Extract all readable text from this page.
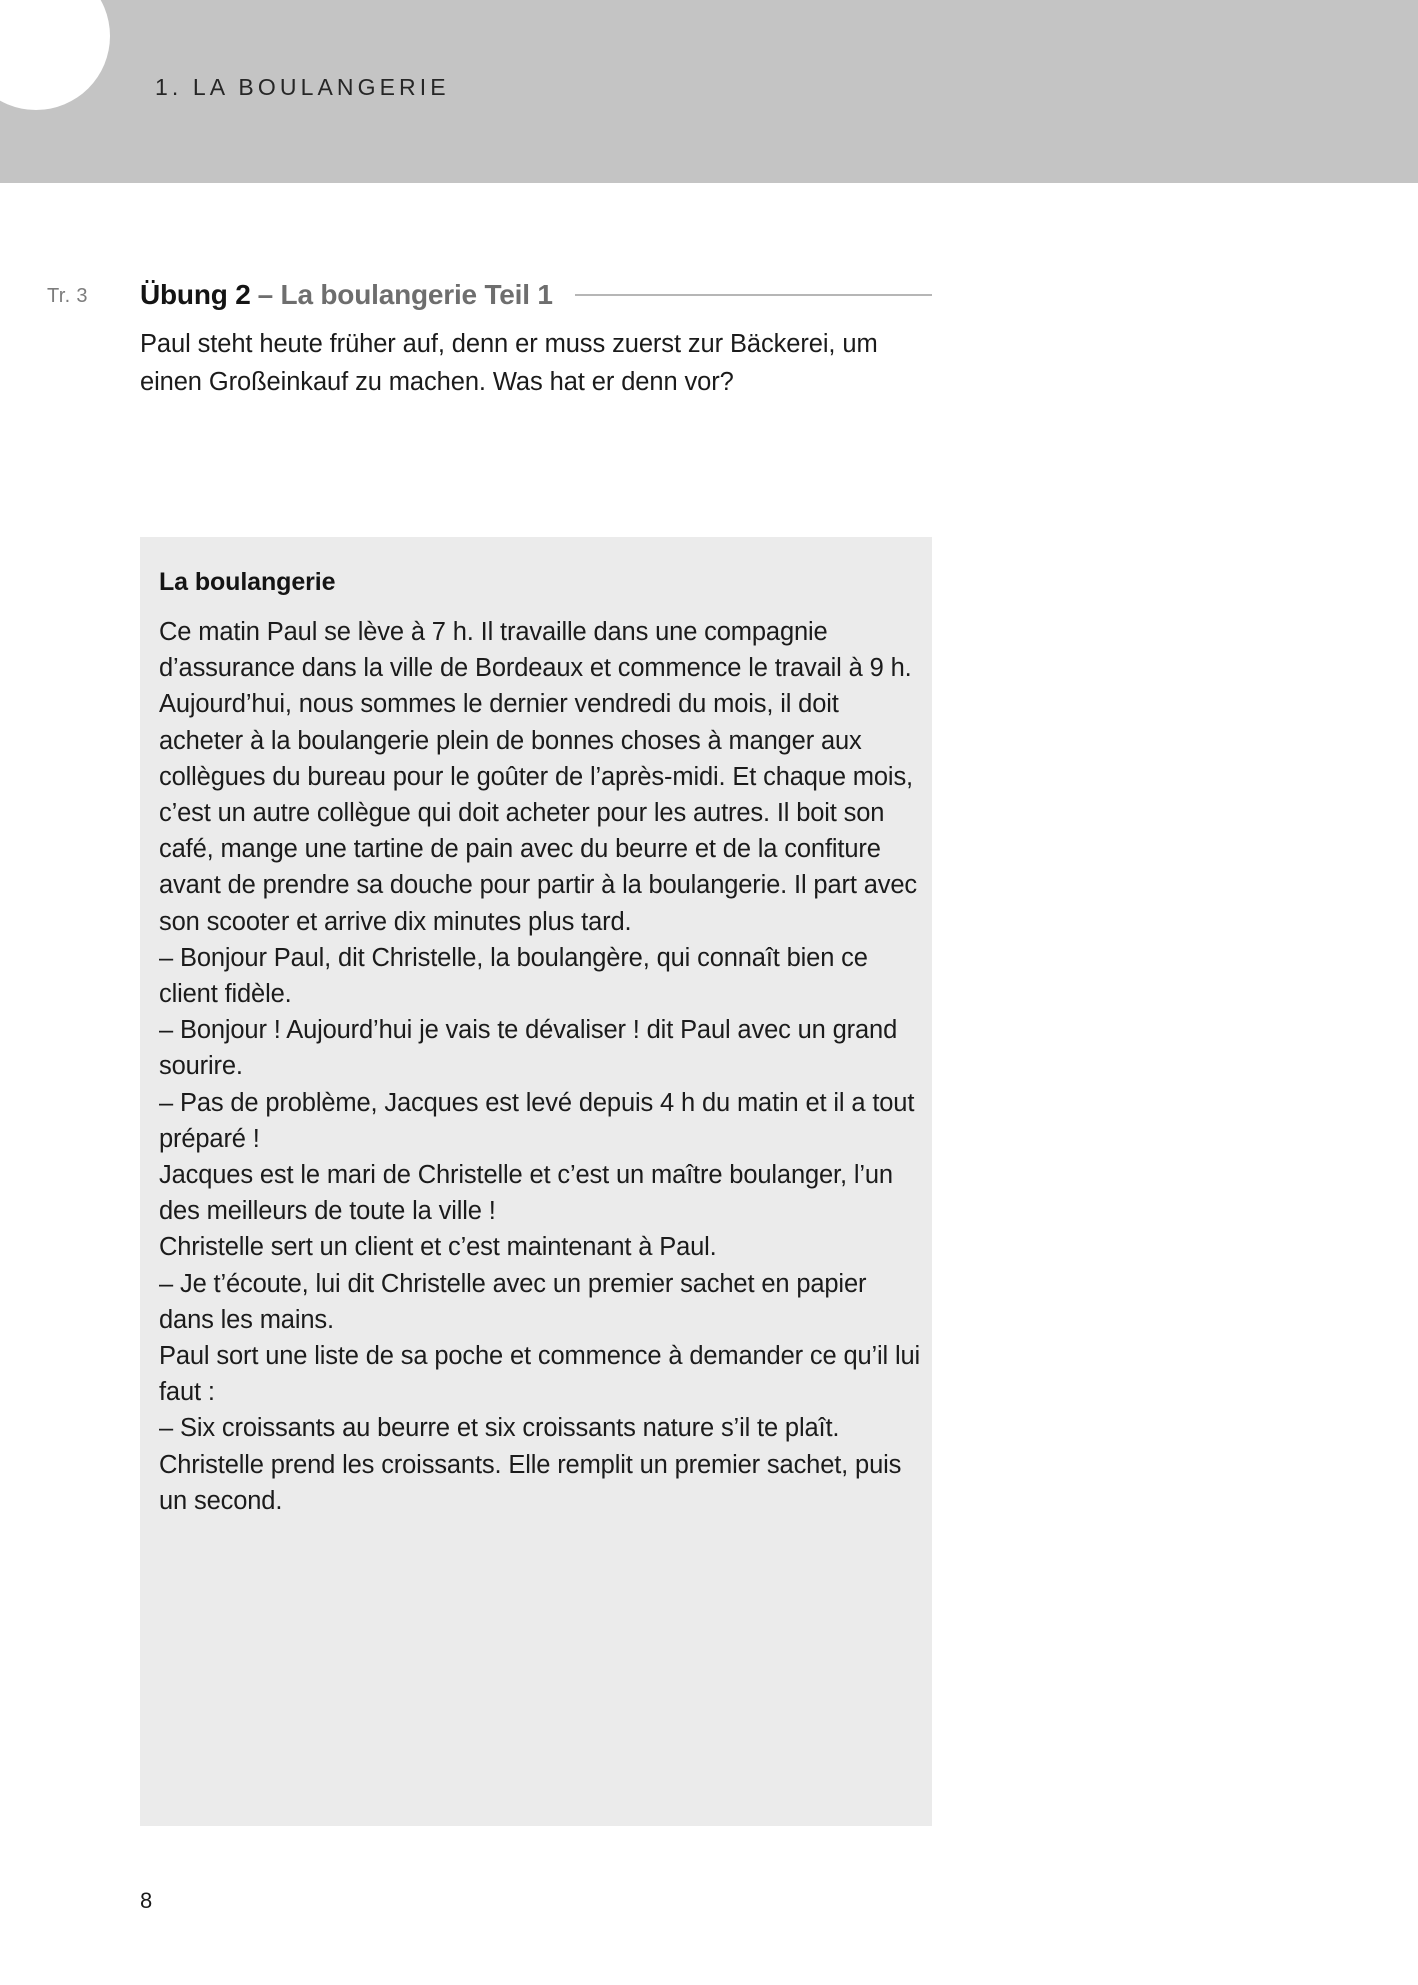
1. LA BOULANGERIE
Tr. 3 Übung 2 – La boulangerie Teil 1
Paul steht heute früher auf, denn er muss zuerst zur Bäckerei, um einen Großeinkauf zu machen. Was hat er denn vor?
La boulangerie

Ce matin Paul se lève à 7 h. Il travaille dans une compagnie d’assurance dans la ville de Bordeaux et commence le travail à 9 h. Aujourd’hui, nous sommes le dernier vendredi du mois, il doit acheter à la boulangerie plein de bonnes choses à manger aux collègues du bureau pour le goûter de l’après-midi. Et chaque mois, c’est un autre collègue qui doit acheter pour les autres. Il boit son café, mange une tartine de pain avec du beurre et de la confiture avant de prendre sa douche pour partir à la boulangerie. Il part avec son scooter et arrive dix minutes plus tard.

– Bonjour Paul, dit Christelle, la boulangère, qui connaît bien ce client fidèle.

– Bonjour ! Aujourd’hui je vais te dévaliser ! dit Paul avec un grand sourire.

– Pas de problème, Jacques est levé depuis 4 h du matin et il a tout préparé !

Jacques est le mari de Christelle et c’est un maître boulanger, l’un des meilleurs de toute la ville !

Christelle sert un client et c’est maintenant à Paul.

– Je t’écoute, lui dit Christelle avec un premier sachet en papier dans les mains.

Paul sort une liste de sa poche et commence à demander ce qu’il lui faut :

– Six croissants au beurre et six croissants nature s’il te plaît.

Christelle prend les croissants. Elle remplit un premier sachet, puis un second.

8
